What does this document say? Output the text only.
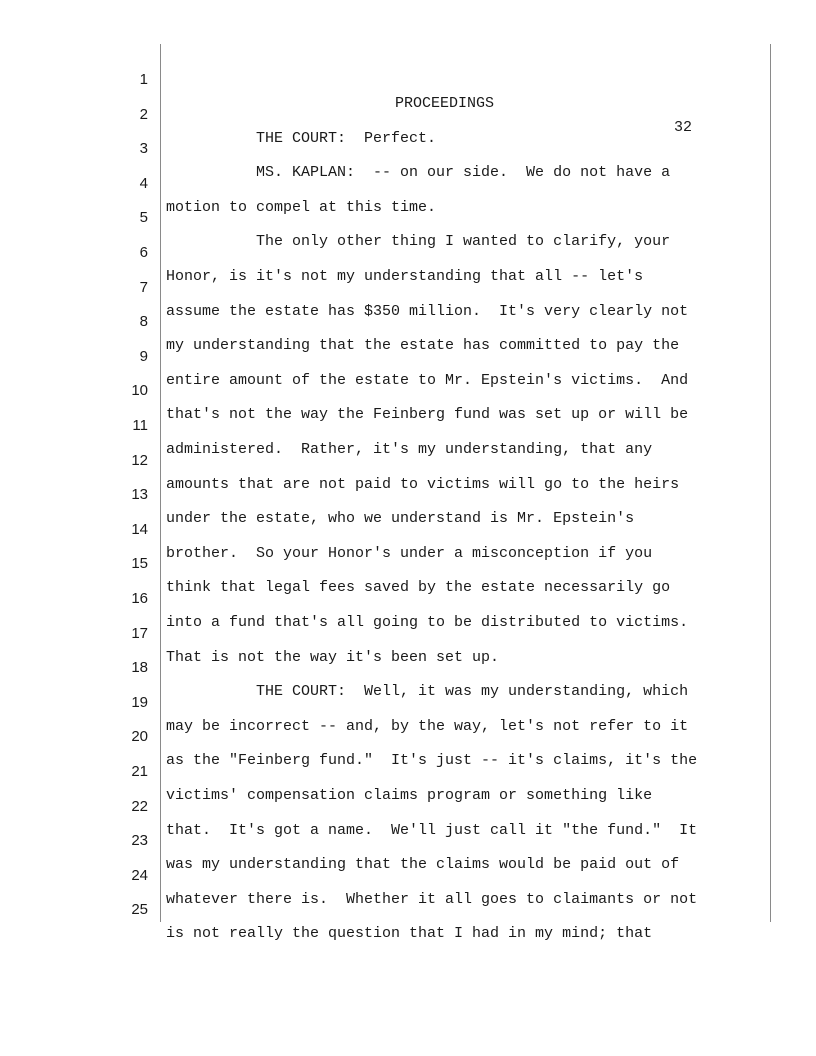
1

PROCEEDINGS

32

2

THE COURT:  Perfect.

3

MS. KAPLAN:  -- on our side.  We do not have a

4

motion to compel at this time.

5

The only other thing I wanted to clarify, your

6

Honor, is it's not my understanding that all -- let's

7

assume the estate has $350 million.  It's very clearly not

8

my understanding that the estate has committed to pay the

9

entire amount of the estate to Mr. Epstein's victims.  And

10

that's not the way the Feinberg fund was set up or will be

11

administered.  Rather, it's my understanding, that any

12

amounts that are not paid to victims will go to the heirs

13

under the estate, who we understand is Mr. Epstein's

14

brother.  So your Honor's under a misconception if you

15

think that legal fees saved by the estate necessarily go

16

into a fund that's all going to be distributed to victims.

17

That is not the way it's been set up.

18

THE COURT:  Well, it was my understanding, which

19

may be incorrect -- and, by the way, let's not refer to it

20

as the "Feinberg fund."  It's just -- it's claims, it's the

21

victims' compensation claims program or something like

22

that.  It's got a name.  We'll just call it "the fund."  It

23

was my understanding that the claims would be paid out of

24

whatever there is.  Whether it all goes to claimants or not

25

is not really the question that I had in my mind; that
